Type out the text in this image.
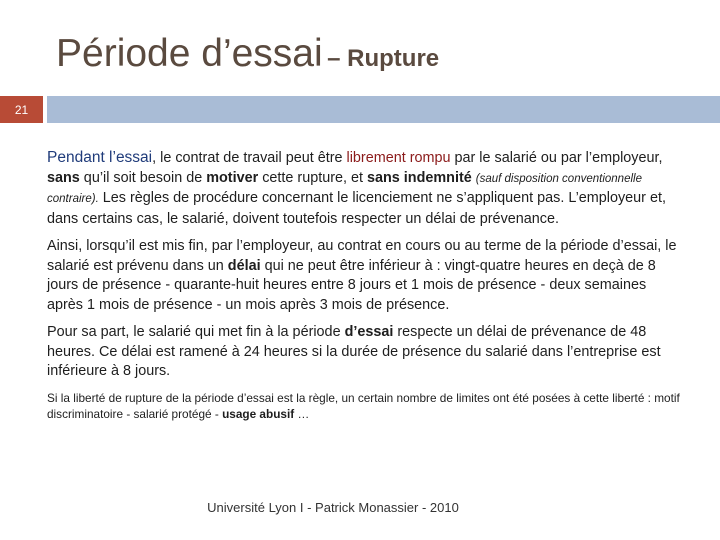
Période d’essai – Rupture
21

Pendant l’essai, le contrat de travail peut être librement rompu par le salarié ou par l’employeur, sans qu’il soit besoin de motiver cette rupture, et sans indemnité (sauf disposition conventionnelle contraire). Les règles de procédure concernant le licenciement ne s’appliquent pas. L’employeur et, dans certains cas, le salarié, doivent toutefois respecter un délai de prévenance.

Ainsi, lorsqu’il est mis fin, par l’employeur, au contrat en cours ou au terme de la période d’essai, le salarié est prévenu dans un délai qui ne peut être inférieur à : vingt-quatre heures en deçà de 8 jours de présence - quarante-huit heures entre 8 jours et 1 mois de présence - deux semaines après 1 mois de présence - un mois après 3 mois de présence.

Pour sa part, le salarié qui met fin à la période d’essai respecte un délai de prévenance de 48 heures. Ce délai est ramené à 24 heures si la durée de présence du salarié dans l’entreprise est inférieure à 8 jours.

Si la liberté de rupture de la période d’essai est la règle, un certain nombre de limites ont été posées à cette liberté : motif discriminatoire - salarié protégé - usage abusif …

Université Lyon I - Patrick Monassier - 2010
